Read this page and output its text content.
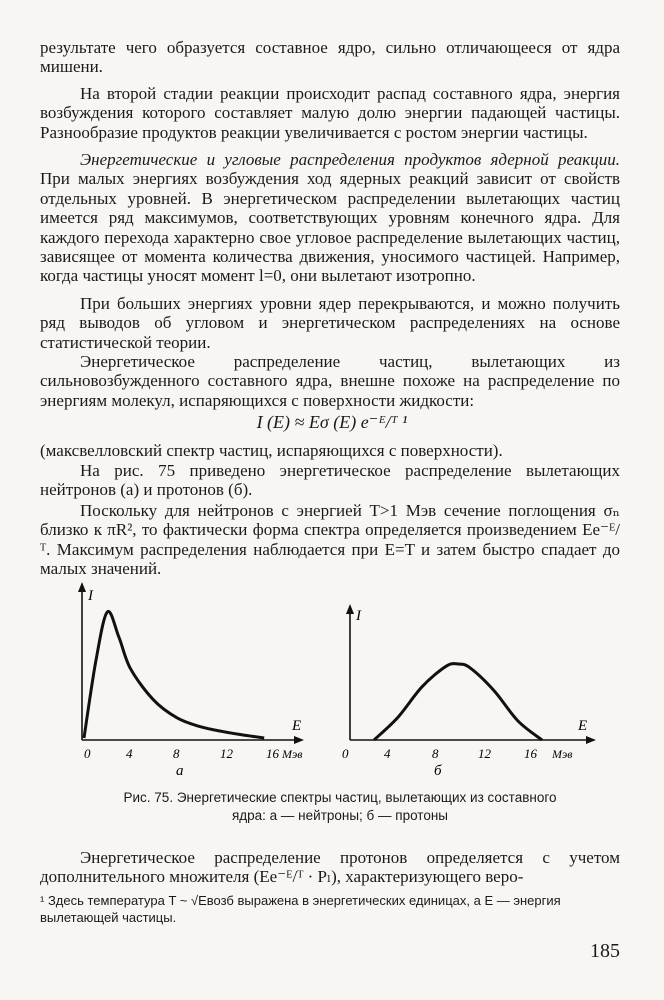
результате чего образуется составное ядро, сильно отличающееся от ядра мишени.

На второй стадии реакции происходит распад составного ядра, энергия возбуждения которого составляет малую долю энергии падающей частицы. Разнообразие продуктов реакции увеличивается с ростом энергии частицы.

Энергетические и угловые распределения продуктов ядерной реакции. При малых энергиях возбуждения ход ядерных реакций зависит от свойств отдельных уровней. В энергетическом распределении вылетающих частиц имеется ряд максимумов, соответствующих уровням конечного ядра. Для каждого перехода характерно свое угловое распределение вылетающих частиц, зависящее от момента количества движения, уносимого частицей. Например, когда частицы уносят момент l=0, они вылетают изотропно.

При больших энергиях уровни ядер перекрываются, и можно получить ряд выводов об угловом и энергетическом распределениях на основе статистической теории.

Энергетическое распределение частиц, вылетающих из сильновозбужденного составного ядра, внешне похоже на распределение по энергиям молекул, испаряющихся с поверхности жидкости:

I (E) ≈ Eσ (E) e⁻ᴱ/ᵀ ¹

(максвелловский спектр частиц, испаряющихся с поверхности).

На рис. 75 приведено энергетическое распределение вылетающих нейтронов (а) и протонов (б).

Поскольку для нейтронов с энергией T>1 Мэв сечение поглощения σₙ близко к πR², то фактически форма спектра определяется произведением Ee⁻ᴱ/ᵀ. Максимум распределения наблюдается при E=T и затем быстро спадает до малых значений.

I
E
0	4	8	12	16 Мэв
а
I
E
0	4	8	12	16 Мэв
б
Рис. 75. Энергетические спектры частиц, вылетающих из составного
ядра: а — нейтроны; б — протоны

Энергетическое распределение протонов определяется с учетом дополнительного множителя (Ee⁻ᴱ/ᵀ · Pₗ), характеризующего веро-

¹ Здесь температура T ~ √Eвозб выражена в энергетических единицах, а E — энергия вылетающей частицы.
185
